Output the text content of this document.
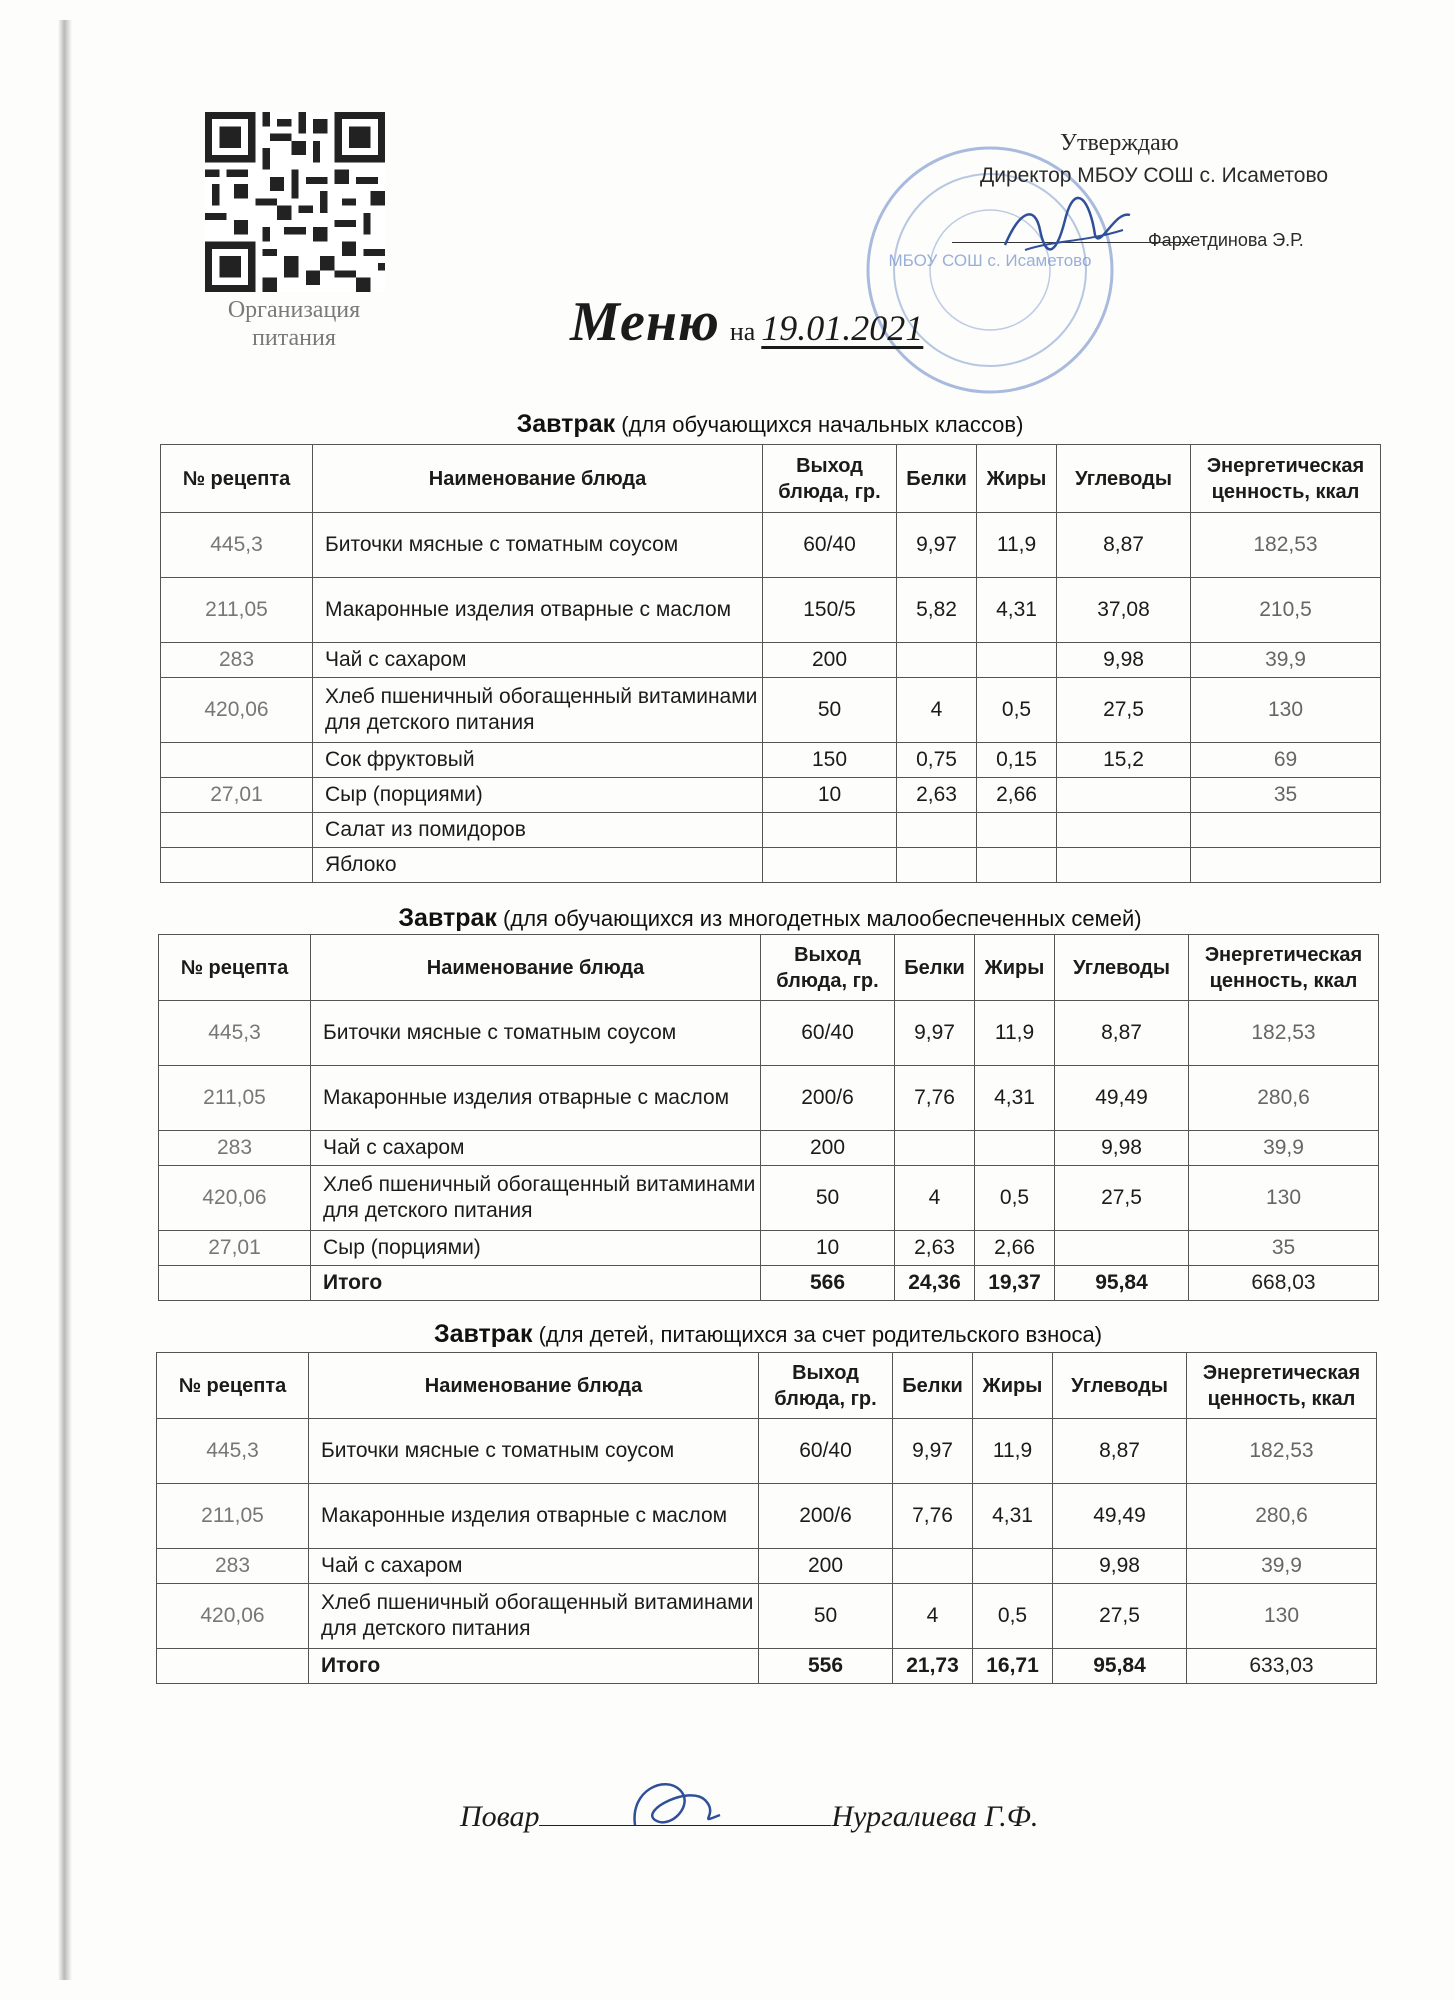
Организация питания
МБОУ СОШ с. Исаметово
Утверждаю
Директор МБОУ СОШ с. Исаметово
Фархетдинова Э.Р.
Меню на 19.01.2021
Завтрак (для обучающихся начальных классов)
№ рецепта	Наименование блюда	Выход блюда, гр.	Белки	Жиры	Углеводы	Энергетическая ценность, ккал
445,3	Биточки мясные с томатным соусом	60/40	9,97	11,9	8,87	182,53
211,05	Макаронные изделия отварные с маслом	150/5	5,82	4,31	37,08	210,5
283	Чай с сахаром	200			9,98	39,9
420,06	Хлеб пшеничный обогащенный витаминами для детского питания	50	4	0,5	27,5	130
	Сок фруктовый	150	0,75	0,15	15,2	69
27,01	Сыр (порциями)	10	2,63	2,66		35
	Салат из помидоров					
	Яблоко					
Завтрак (для обучающихся из многодетных малообеспеченных семей)
№ рецепта	Наименование блюда	Выход блюда, гр.	Белки	Жиры	Углеводы	Энергетическая ценность, ккал
445,3	Биточки мясные с томатным соусом	60/40	9,97	11,9	8,87	182,53
211,05	Макаронные изделия отварные с маслом	200/6	7,76	4,31	49,49	280,6
283	Чай с сахаром	200			9,98	39,9
420,06	Хлеб пшеничный обогащенный витаминами для детского питания	50	4	0,5	27,5	130
27,01	Сыр (порциями)	10	2,63	2,66		35
	Итого	566	24,36	19,37	95,84	668,03
Завтрак (для детей, питающихся за счет родительского взноса)
№ рецепта	Наименование блюда	Выход блюда, гр.	Белки	Жиры	Углеводы	Энергетическая ценность, ккал
445,3	Биточки мясные с томатным соусом	60/40	9,97	11,9	8,87	182,53
211,05	Макаронные изделия отварные с маслом	200/6	7,76	4,31	49,49	280,6
283	Чай с сахаром	200			9,98	39,9
420,06	Хлеб пшеничный обогащенный витаминами для детского питания	50	4	0,5	27,5	130
	Итого	556	21,73	16,71	95,84	633,03
Повар	Нургалиева Г.Ф.
